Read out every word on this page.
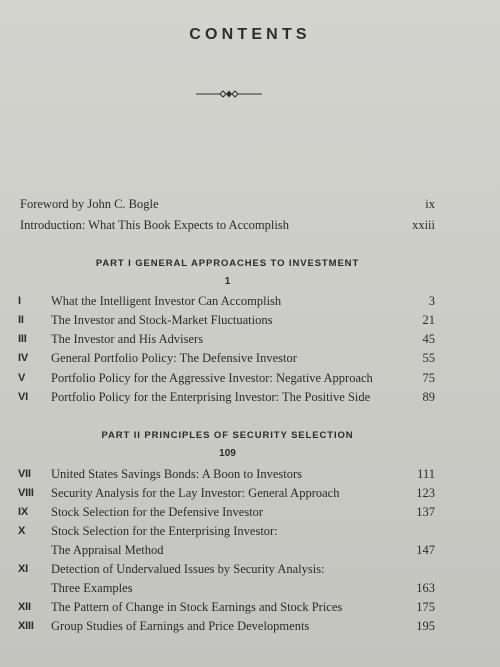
CONTENTS
Foreword by John C. Bogle	ix
Introduction: What This Book Expects to Accomplish	xxiii
PART I GENERAL APPROACHES TO INVESTMENT
1
I	What the Intelligent Investor Can Accomplish	3
II	The Investor and Stock-Market Fluctuations	21
III	The Investor and His Advisers	45
IV	General Portfolio Policy: The Defensive Investor	55
V	Portfolio Policy for the Aggressive Investor: Negative Approach	75
VI	Portfolio Policy for the Enterprising Investor: The Positive Side	89
PART II PRINCIPLES OF SECURITY SELECTION
109
VII	United States Savings Bonds: A Boon to Investors	111
VIII	Security Analysis for the Lay Investor: General Approach	123
IX	Stock Selection for the Defensive Investor	137
X	Stock Selection for the Enterprising Investor:
The Appraisal Method	147
XI	Detection of Undervalued Issues by Security Analysis:
Three Examples	163
XII	The Pattern of Change in Stock Earnings and Stock Prices	175
XIII	Group Studies of Earnings and Price Developments	195
